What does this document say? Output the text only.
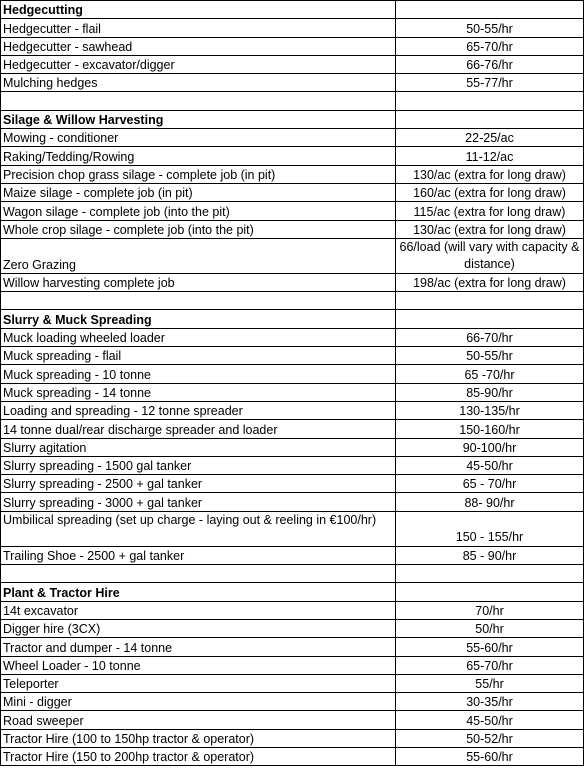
Hedgecutting	
Hedgecutter - flail	50-55/hr
Hedgecutter - sawhead	65-70/hr
Hedgecutter - excavator/digger	66-76/hr
Mulching hedges	55-77/hr

Silage & Willow Harvesting	
Mowing - conditioner	22-25/ac
Raking/Tedding/Rowing	11-12/ac
Precision chop grass silage - complete job (in pit)	130/ac (extra for long draw)
Maize silage - complete job (in pit)	160/ac (extra for long draw)
Wagon silage - complete job (into the pit)	115/ac (extra for long draw)
Whole crop silage - complete job (into the pit)	130/ac (extra for long draw)
Zero Grazing	66/load (will vary with capacity & distance)
Willow harvesting complete job	198/ac (extra for long draw)

Slurry & Muck Spreading	
Muck loading wheeled loader	66-70/hr
Muck spreading - flail	50-55/hr
Muck spreading - 10 tonne	65 -70/hr
Muck spreading - 14 tonne	85-90/hr
Loading and spreading - 12 tonne spreader	130-135/hr
14 tonne dual/rear discharge spreader and loader	150-160/hr
Slurry agitation	90-100/hr
Slurry spreading - 1500 gal tanker	45-50/hr
Slurry spreading - 2500 + gal tanker	65 - 70/hr
Slurry spreading - 3000 + gal tanker	88- 90/hr
Umbilical spreading (set up charge - laying out & reeling in €100/hr)	150 - 155/hr
Trailing Shoe - 2500 + gal tanker	85 - 90/hr

Plant & Tractor Hire	
14t excavator	70/hr
Digger hire (3CX)	50/hr
Tractor and dumper - 14 tonne	55-60/hr
Wheel Loader - 10 tonne	65-70/hr
Teleporter	55/hr
Mini - digger	30-35/hr
Road sweeper	45-50/hr
Tractor Hire (100 to 150hp tractor & operator)	50-52/hr
Tractor Hire (150 to 200hp tractor & operator)	55-60/hr
